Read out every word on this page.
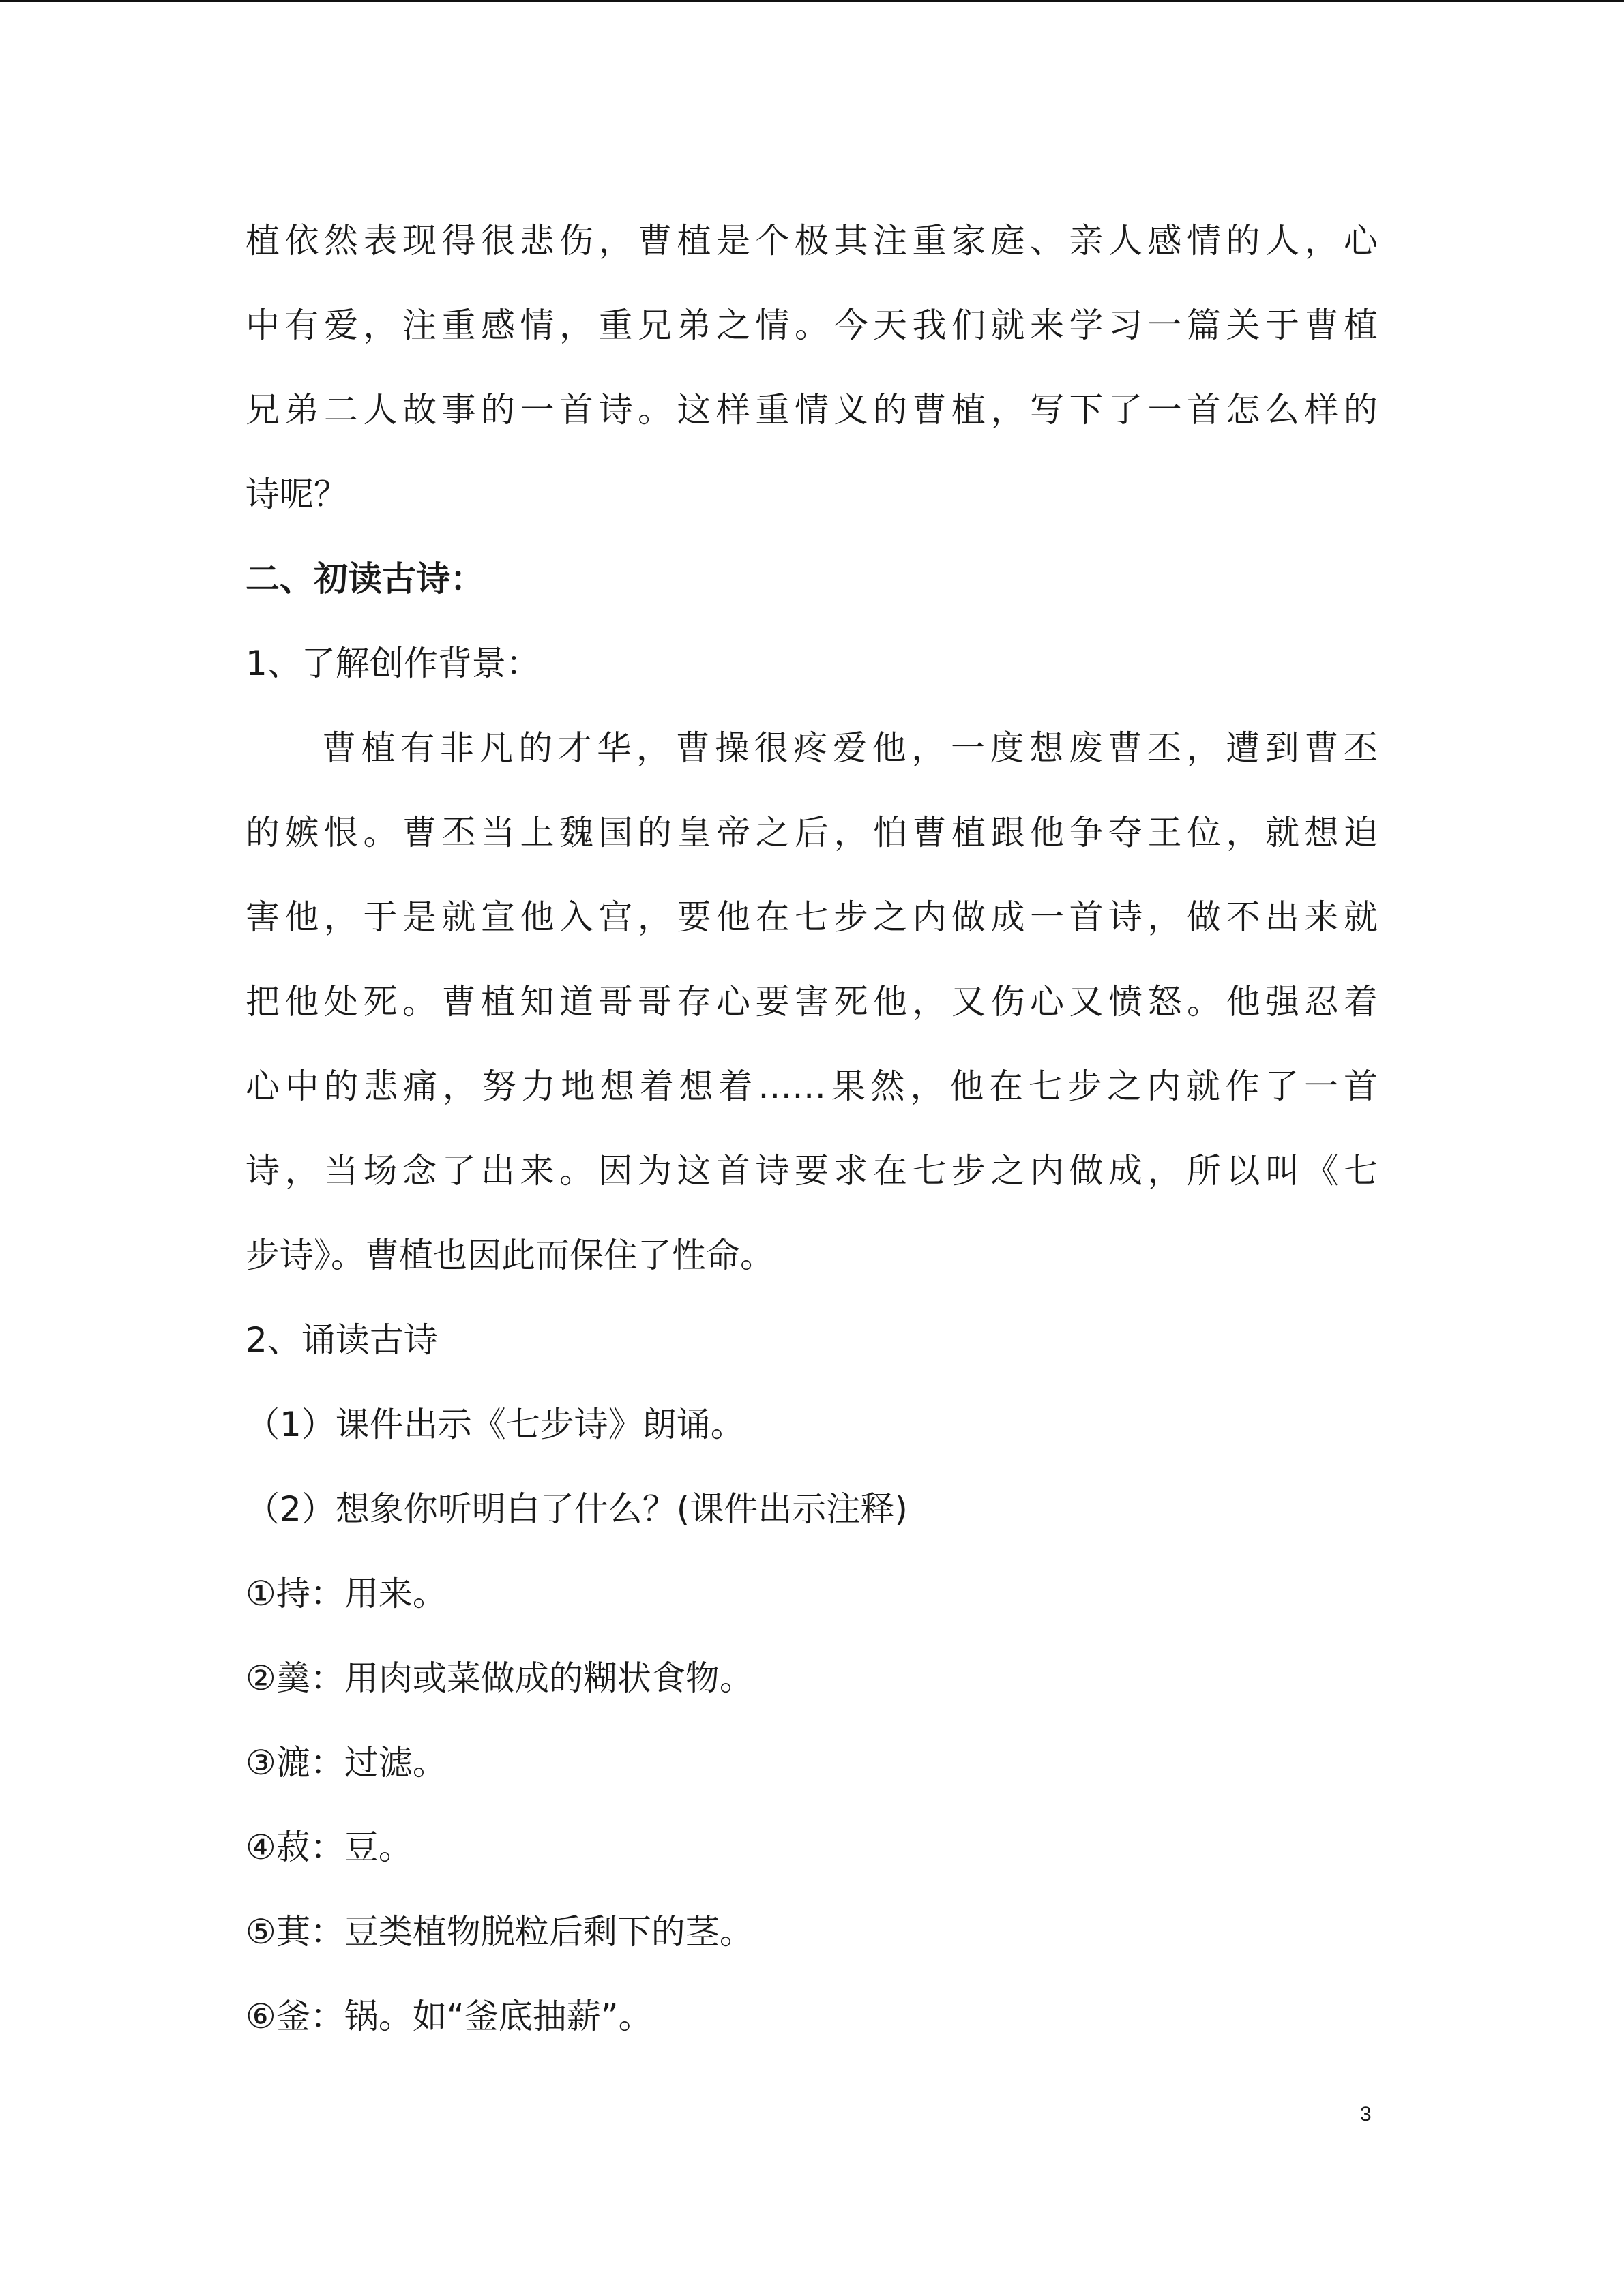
植依然表现得很悲伤，曹植是个极其注重家庭、亲人感情的人，心
中有爱，注重感情，重兄弟之情。今天我们就来学习一篇关于曹植
兄弟二人故事的一首诗。这样重情义的曹植，写下了一首怎么样的
诗呢？
二、初读古诗：
1、了解创作背景：
曹植有非凡的才华，曹操很疼爱他，一度想废曹丕，遭到曹丕
的嫉恨。曹丕当上魏国的皇帝之后，怕曹植跟他争夺王位，就想迫
害他，于是就宣他入宫，要他在七步之内做成一首诗，做不出来就
把他处死。曹植知道哥哥存心要害死他，又伤心又愤怒。他强忍着
心中的悲痛，努力地想着想着……果然，他在七步之内就作了一首
诗，当场念了出来。因为这首诗要求在七步之内做成，所以叫《七
步诗》。曹植也因此而保住了性命。
2、诵读古诗
（1）课件出示《七步诗》朗诵。
（2）想象你听明白了什么？(课件出示注释)
①持：用来。
②羹：用肉或菜做成的糊状食物。
③漉：过滤。
④菽：豆。
⑤萁：豆类植物脱粒后剩下的茎。
⑥釜：锅。如“釜底抽薪”。
3
